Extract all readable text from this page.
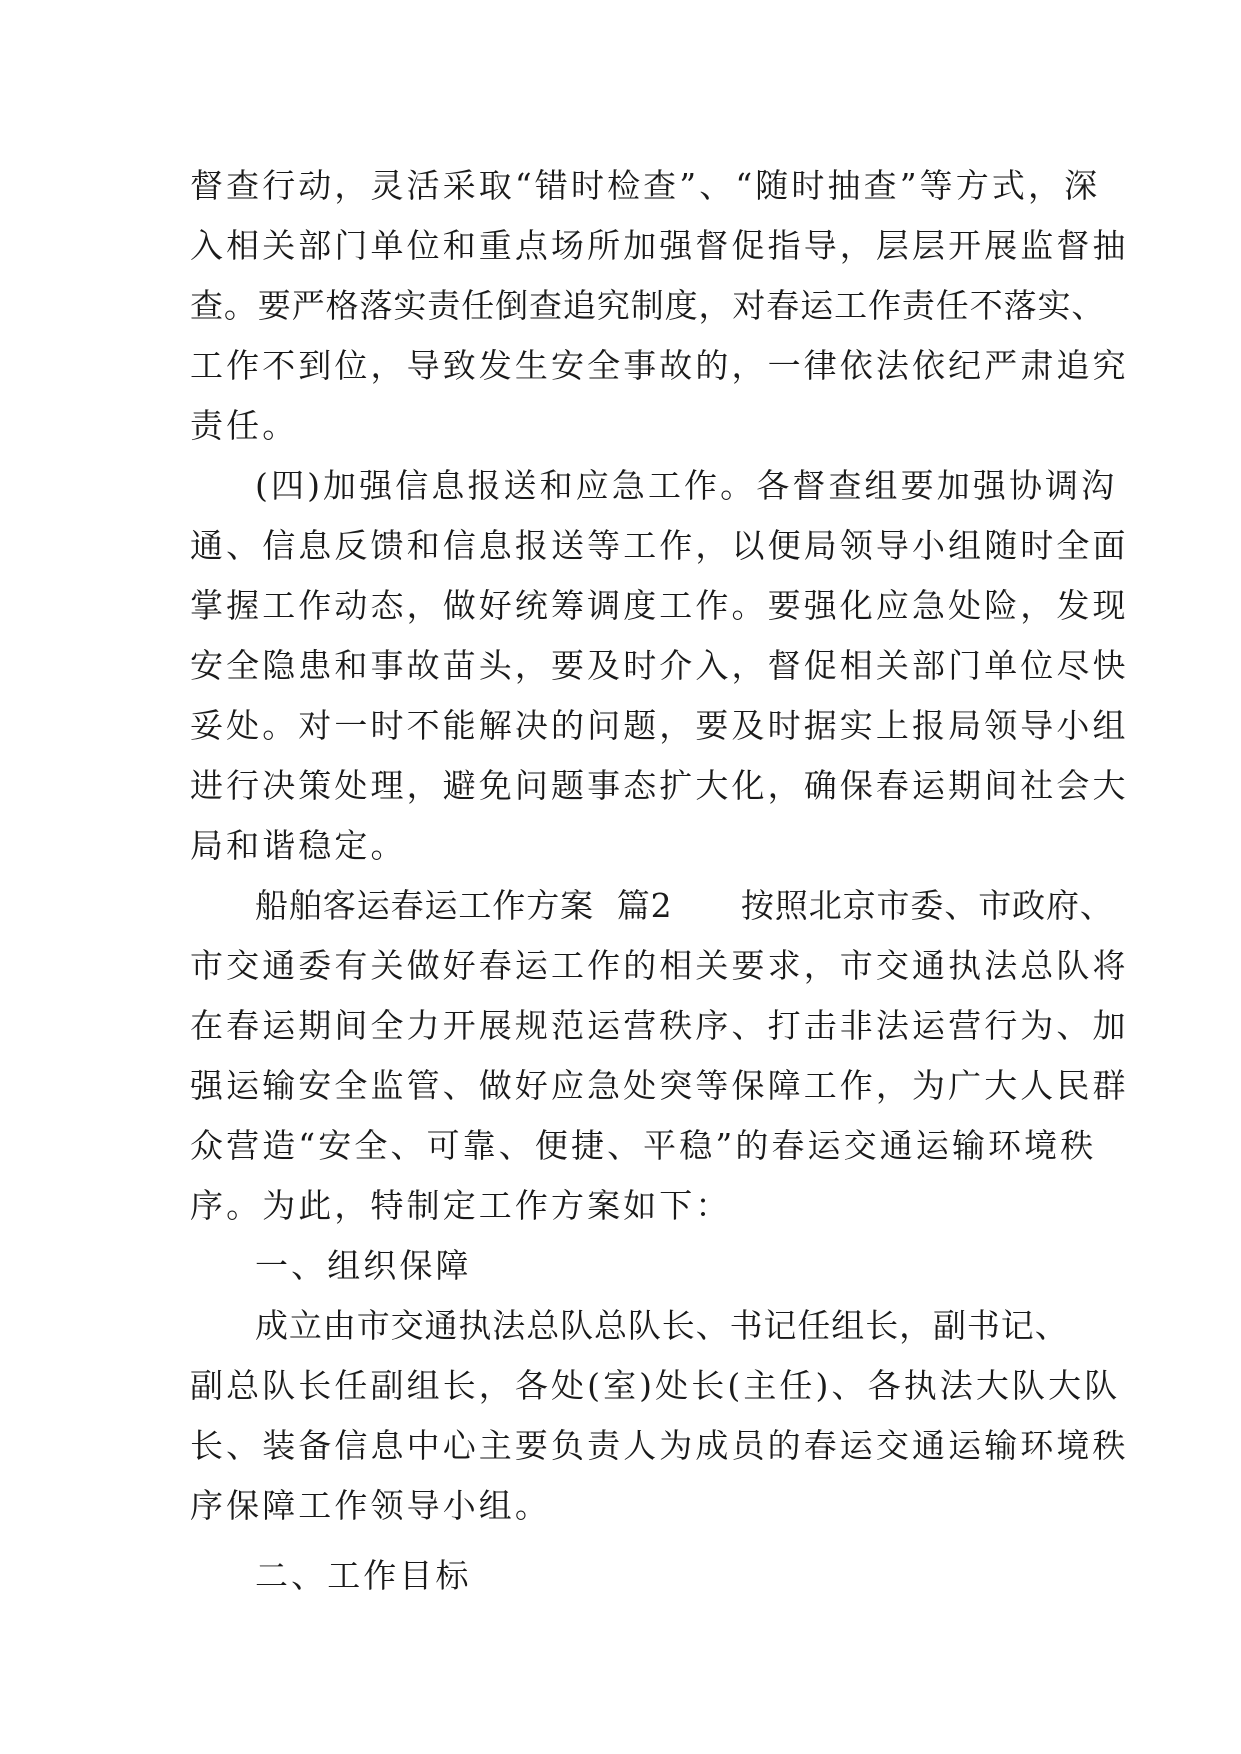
督查行动，灵活采取“错时检查”、“随时抽查”等方式，深
入相关部门单位和重点场所加强督促指导，层层开展监督抽
查。要严格落实责任倒查追究制度，对春运工作责任不落实、
工作不到位，导致发生安全事故的，一律依法依纪严肃追究
责任。
(四)加强信息报送和应急工作。各督查组要加强协调沟
通、信息反馈和信息报送等工作，以便局领导小组随时全面
掌握工作动态，做好统筹调度工作。要强化应急处险，发现
安全隐患和事故苗头，要及时介入，督促相关部门单位尽快
妥处。对一时不能解决的问题，要及时据实上报局领导小组
进行决策处理，避免问题事态扩大化，确保春运期间社会大
局和谐稳定。
船舶客运春运工作方案  篇2      按照北京市委、市政府、
市交通委有关做好春运工作的相关要求，市交通执法总队将
在春运期间全力开展规范运营秩序、打击非法运营行为、加
强运输安全监管、做好应急处突等保障工作，为广大人民群
众营造“安全、可靠、便捷、平稳”的春运交通运输环境秩
序。为此，特制定工作方案如下：
一、组织保障
成立由市交通执法总队总队长、书记任组长，副书记、
副总队长任副组长，各处(室)处长(主任)、各执法大队大队
长、装备信息中心主要负责人为成员的春运交通运输环境秩
序保障工作领导小组。
二、工作目标
